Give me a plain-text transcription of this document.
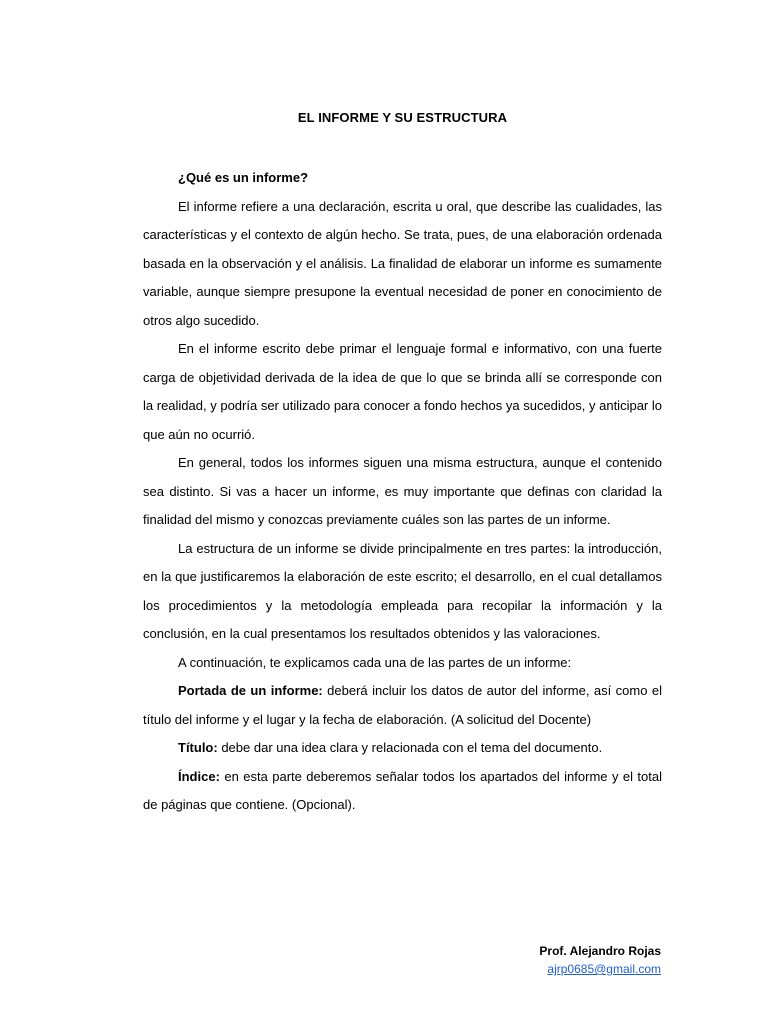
EL INFORME Y SU ESTRUCTURA

¿Qué es un informe?

El informe refiere a una declaración, escrita u oral, que describe las cualidades, las características y el contexto de algún hecho. Se trata, pues, de una elaboración ordenada basada en la observación y el análisis. La finalidad de elaborar un informe es sumamente variable, aunque siempre presupone la eventual necesidad de poner en conocimiento de otros algo sucedido.

En el informe escrito debe primar el lenguaje formal e informativo, con una fuerte carga de objetividad derivada de la idea de que lo que se brinda allí se corresponde con la realidad, y podría ser utilizado para conocer a fondo hechos ya sucedidos, y anticipar lo que aún no ocurrió.

En general, todos los informes siguen una misma estructura, aunque el contenido sea distinto. Si vas a hacer un informe, es muy importante que definas con claridad la finalidad del mismo y conozcas previamente cuáles son las partes de un informe.

La estructura de un informe se divide principalmente en tres partes: la introducción, en la que justificaremos la elaboración de este escrito; el desarrollo, en el cual detallamos los procedimientos y la metodología empleada para recopilar la información y la conclusión, en la cual presentamos los resultados obtenidos y las valoraciones.

A continuación, te explicamos cada una de las partes de un informe:

Portada de un informe: deberá incluir los datos de autor del informe, así como el título del informe y el lugar y la fecha de elaboración. (A solicitud del Docente)

Título: debe dar una idea clara y relacionada con el tema del documento.

Índice: en esta parte deberemos señalar todos los apartados del informe y el total de páginas que contiene. (Opcional).

Prof. Alejandro Rojas
ajrp0685@gmail.com
